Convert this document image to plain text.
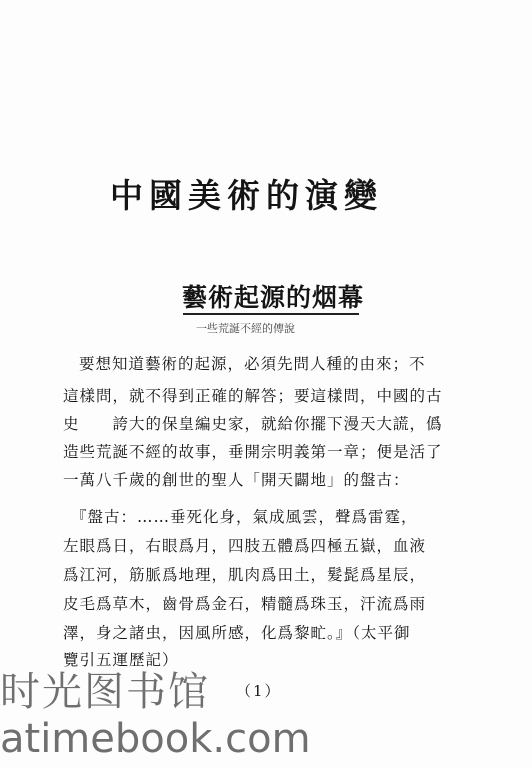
中國美術的演變
藝術起源的烟幕
一些荒誕不經的傳說
要想知道藝術的起源，必須先問人種的由來；不
這樣問，就不得到正確的解答；要這樣問，中國的古
史　　誇大的保皇編史家，就給你擺下漫天大謊，僞
造些荒誕不經的故事，垂開宗明義第一章；便是活了
一萬八千歲的創世的聖人「開天闢地」的盤古：
『盤古：……垂死化身，氣成風雲，聲爲雷霆，
左眼爲日，右眼爲月，四肢五體爲四極五嶽，血液
爲江河，筋脈爲地理，肌肉爲田土，髮髭爲星辰，
皮毛爲草木，齒骨爲金石，精髓爲珠玉，汗流爲雨
澤，身之諸虫，因風所感，化爲黎甿。』（太平御
覽引五運歷記）
（1）
时光图书馆
atimebook.com
